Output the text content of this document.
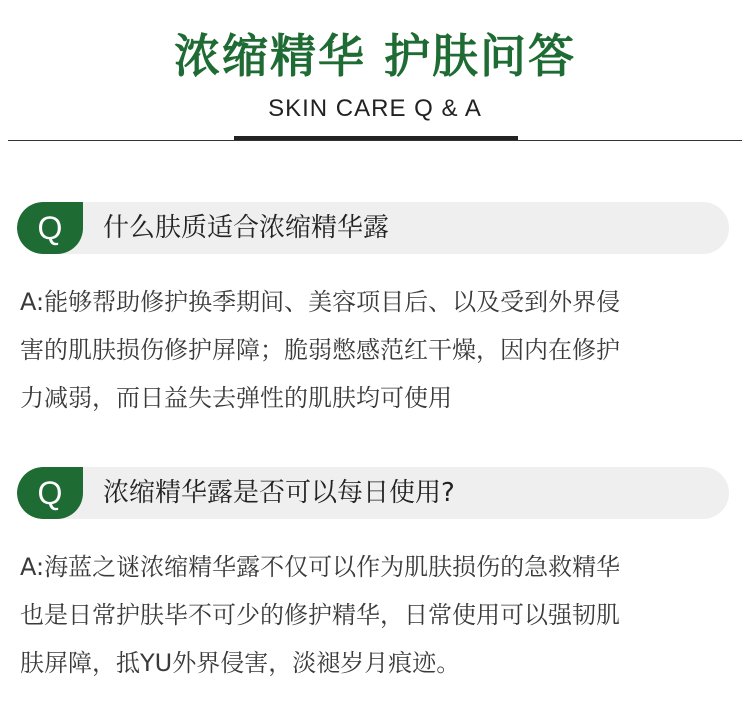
浓缩精华 护肤问答
SKIN CARE Q & A
Q	什么肤质适合浓缩精华露
A:能够帮助修护换季期间、美容项目后、以及受到外界侵
害的肌肤损伤修护屏障；脆弱憋感范红干燥，因内在修护
力减弱，而日益失去弹性的肌肤均可使用
Q	浓缩精华露是否可以每日使用?
A:海蓝之谜浓缩精华露不仅可以作为肌肤损伤的急救精华
也是日常护肤毕不可少的修护精华，日常使用可以强韧肌
肤屏障，抵YU外界侵害，淡褪岁月痕迹。
